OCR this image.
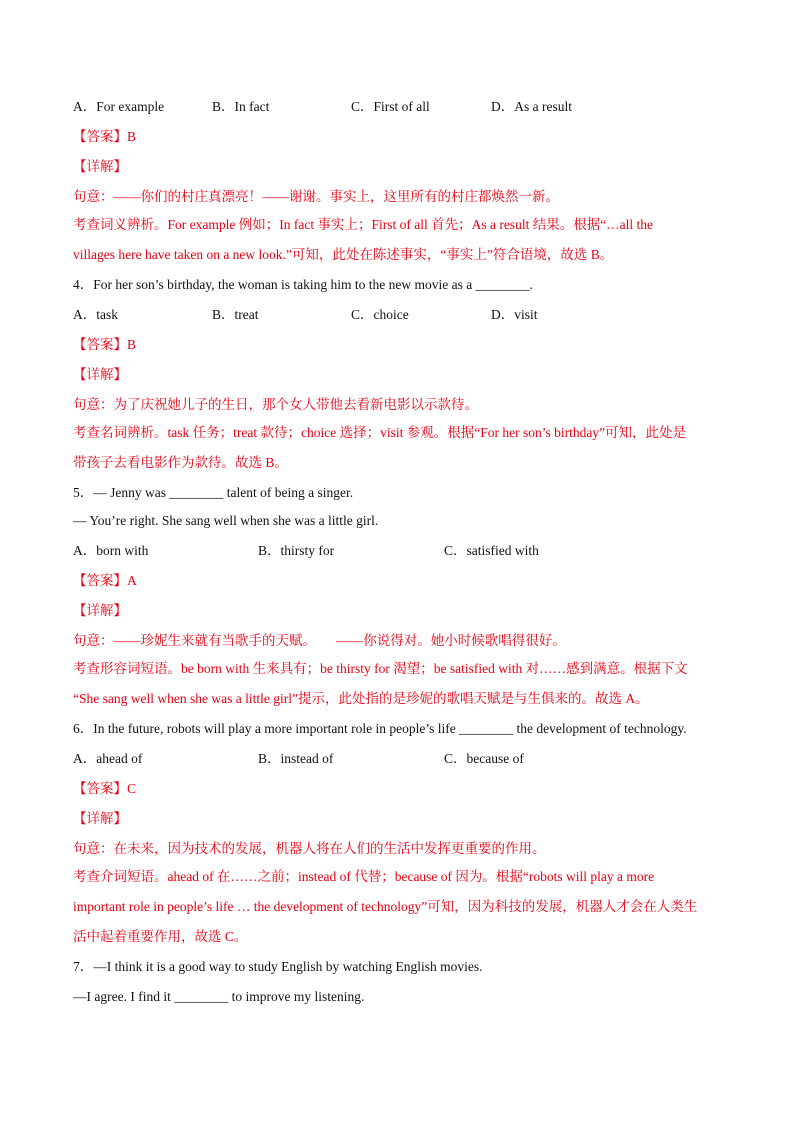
A．For example	B．In fact	C．First of all	D．As a result
【答案】B
【详解】
句意：——你们的村庄真漂亮！——谢谢。事实上，这里所有的村庄都焕然一新。
考查词义辨析。For example 例如；In fact 事实上；First of all 首先；As a result 结果。根据“…all the
villages here have taken on a new look.”可知，此处在陈述事实，“事实上”符合语境，故选 B。
4．For her son’s birthday, the woman is taking him to the new movie as a ________.
A．task	B．treat	C．choice	D．visit
【答案】B
【详解】
句意：为了庆祝她儿子的生日，那个女人带他去看新电影以示款待。
考查名词辨析。task 任务；treat 款待；choice 选择；visit 参观。根据“For her son’s birthday”可知，此处是
带孩子去看电影作为款待。故选 B。
5．— Jenny was ________ talent of being a singer.
— You’re right. She sang well when she was a little girl.
A．born with	B．thirsty for	C．satisfied with
【答案】A
【详解】
句意：——珍妮生来就有当歌手的天赋。　　——你说得对。她小时候歌唱得很好。
考查形容词短语。be born with 生来具有；be thirsty for 渴望；be satisfied with 对……感到满意。根据下文
“She sang well when she was a little girl”提示，此处指的是珍妮的歌唱天赋是与生俱来的。故选 A。
6．In the future, robots will play a more important role in people’s life ________ the development of technology.
A．ahead of	B．instead of	C．because of
【答案】C
【详解】
句意：在未来，因为技术的发展，机器人将在人们的生活中发挥更重要的作用。
考查介词短语。ahead of 在……之前；instead of 代替；because of 因为。根据“robots will play a more
important role in people’s life … the development of technology”可知，因为科技的发展，机器人才会在人类生
活中起着重要作用，故选 C。
7．—I think it is a good way to study English by watching English movies.
—I agree. I find it ________ to improve my listening.
